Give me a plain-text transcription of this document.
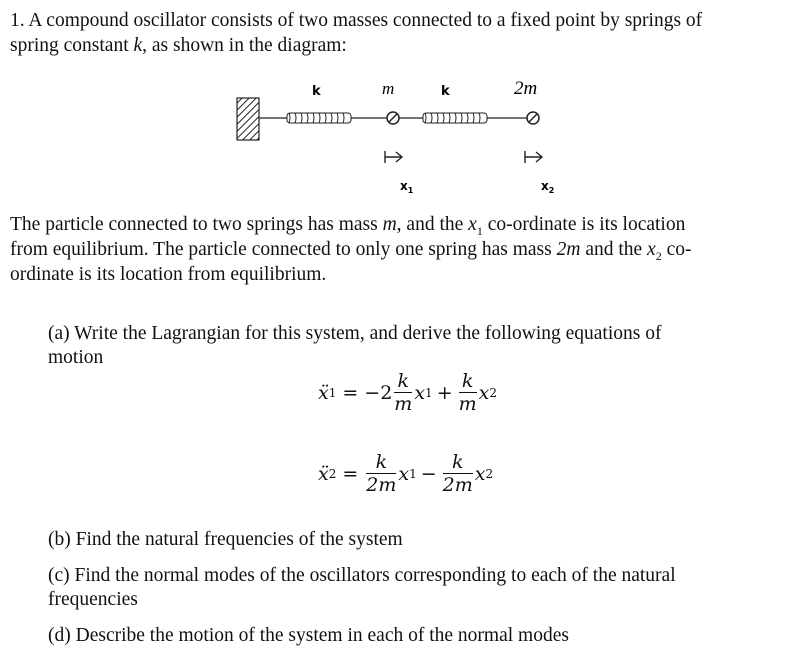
1. A compound oscillator consists of two masses connected to a fixed point by springs of
spring constant k, as shown in the diagram:

k	m	k	2m
$x_1$	$x_2$

The particle connected to two springs has mass m, and the $x_1$ co-ordinate is its location
from equilibrium. The particle connected to only one spring has mass 2m and the $x_2$ co-
ordinate is its location from equilibrium.

(a) Write the Lagrangian for this system, and derive the following equations of
motion

ẍ $1 = -2 \frac{k}{m}$ x $1 + \frac{k}{m}$ x 2
ẍ $2 = \frac{k}{2m}$ x $1 - \frac{k}{2m}$ x 2

(b) Find the natural frequencies of the system

(c) Find the normal modes of the oscillators corresponding to each of the natural
frequencies

(d) Describe the motion of the system in each of the normal modes
